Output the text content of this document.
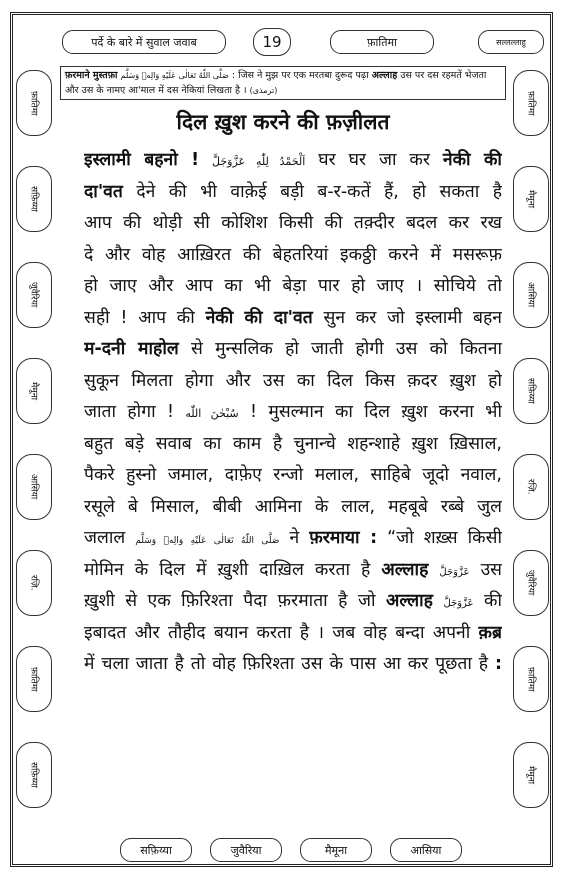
पर्दे के बारे में सुवाल जवाब	19	फ़ातिमा	सल्लल्लाहु
फ़रमाने मुस्तफ़ा صَلَّى اللّٰهُ تَعَالٰى عَلَيْهِ وَالِهٖ وَسَلَّم : जिस ने मुझ पर एक मरतबा दुरूद पढ़ा अल्लाह उस पर दस रहमतें भेजता
और उस के नामए आ'माल में दस नेकियां लिखता है । (ترمذی)
दिल ख़ुश करने की फ़ज़ीलत
इस्लामी बहनो ! اَلْحَمْدُ لِلّٰهِ عَزَّوَجَلَّ घर घर जा कर नेकी की
दा'वत देने की भी वाक़ेई बड़ी ब-र-कतें हैं, हो सकता है
आप की थोड़ी सी कोशिश किसी की तक़्दीर बदल कर रख
दे और वोह आख़िरत की बेहतरियां इकठ्ठी करने में मसरूफ़
हो जाए और आप का भी बेड़ा पार हो जाए । सोचिये तो
सही ! आप की नेकी की दा'वत सुन कर जो इस्लामी बहन
म-दनी माहोल से मुन्सलिक हो जाती होगी उस को कितना
सुकून मिलता होगा और उस का दिल किस क़दर ख़ुश हो
जाता होगा ! سُبْحٰنَ اللّٰه ! मुसल्मान का दिल ख़ुश करना भी
बहुत बड़े सवाब का काम है चुनान्चे शहन्शाहे ख़ुश ख़िसाल,
पैकरे हुस्नो जमाल, दाफ़ेए रन्जो मलाल, साहिबे जूदो नवाल,
रसूले बे मिसाल, बीबी आमिना के लाल, महबूबे रब्बे जुल
जलाल صَلَّى اللّٰهُ تَعَالٰى عَلَيْهِ وَالِهٖ وَسَلَّم ने फ़रमाया : “जो शख़्स किसी
मोमिन के दिल में ख़ुशी दाख़िल करता है अल्लाह عَزَّوَجَلَّ उस
ख़ुशी से एक फ़िरिश्ता पैदा फ़रमाता है जो अल्लाह عَزَّوَجَلَّ की
इबादत और तौहीद बयान करता है । जब वोह बन्दा अपनी क़ब्र
में चला जाता है तो वोह फ़िरिश्ता उस के पास आ कर पूछता है :
फ़ातिमा
सफ़िय्या
जुवैरिया
मैमूना
आसिया
रज़ि.
फ़ातिमा
सफ़िय्या
फ़ातिमा
मैमूना
आसिया
सफ़िय्या
रज़ि.
जुवैरिया
फ़ातिमा
मैमूना
सफ़िय्या	जुवैरिया	मैमूना	आसिया
